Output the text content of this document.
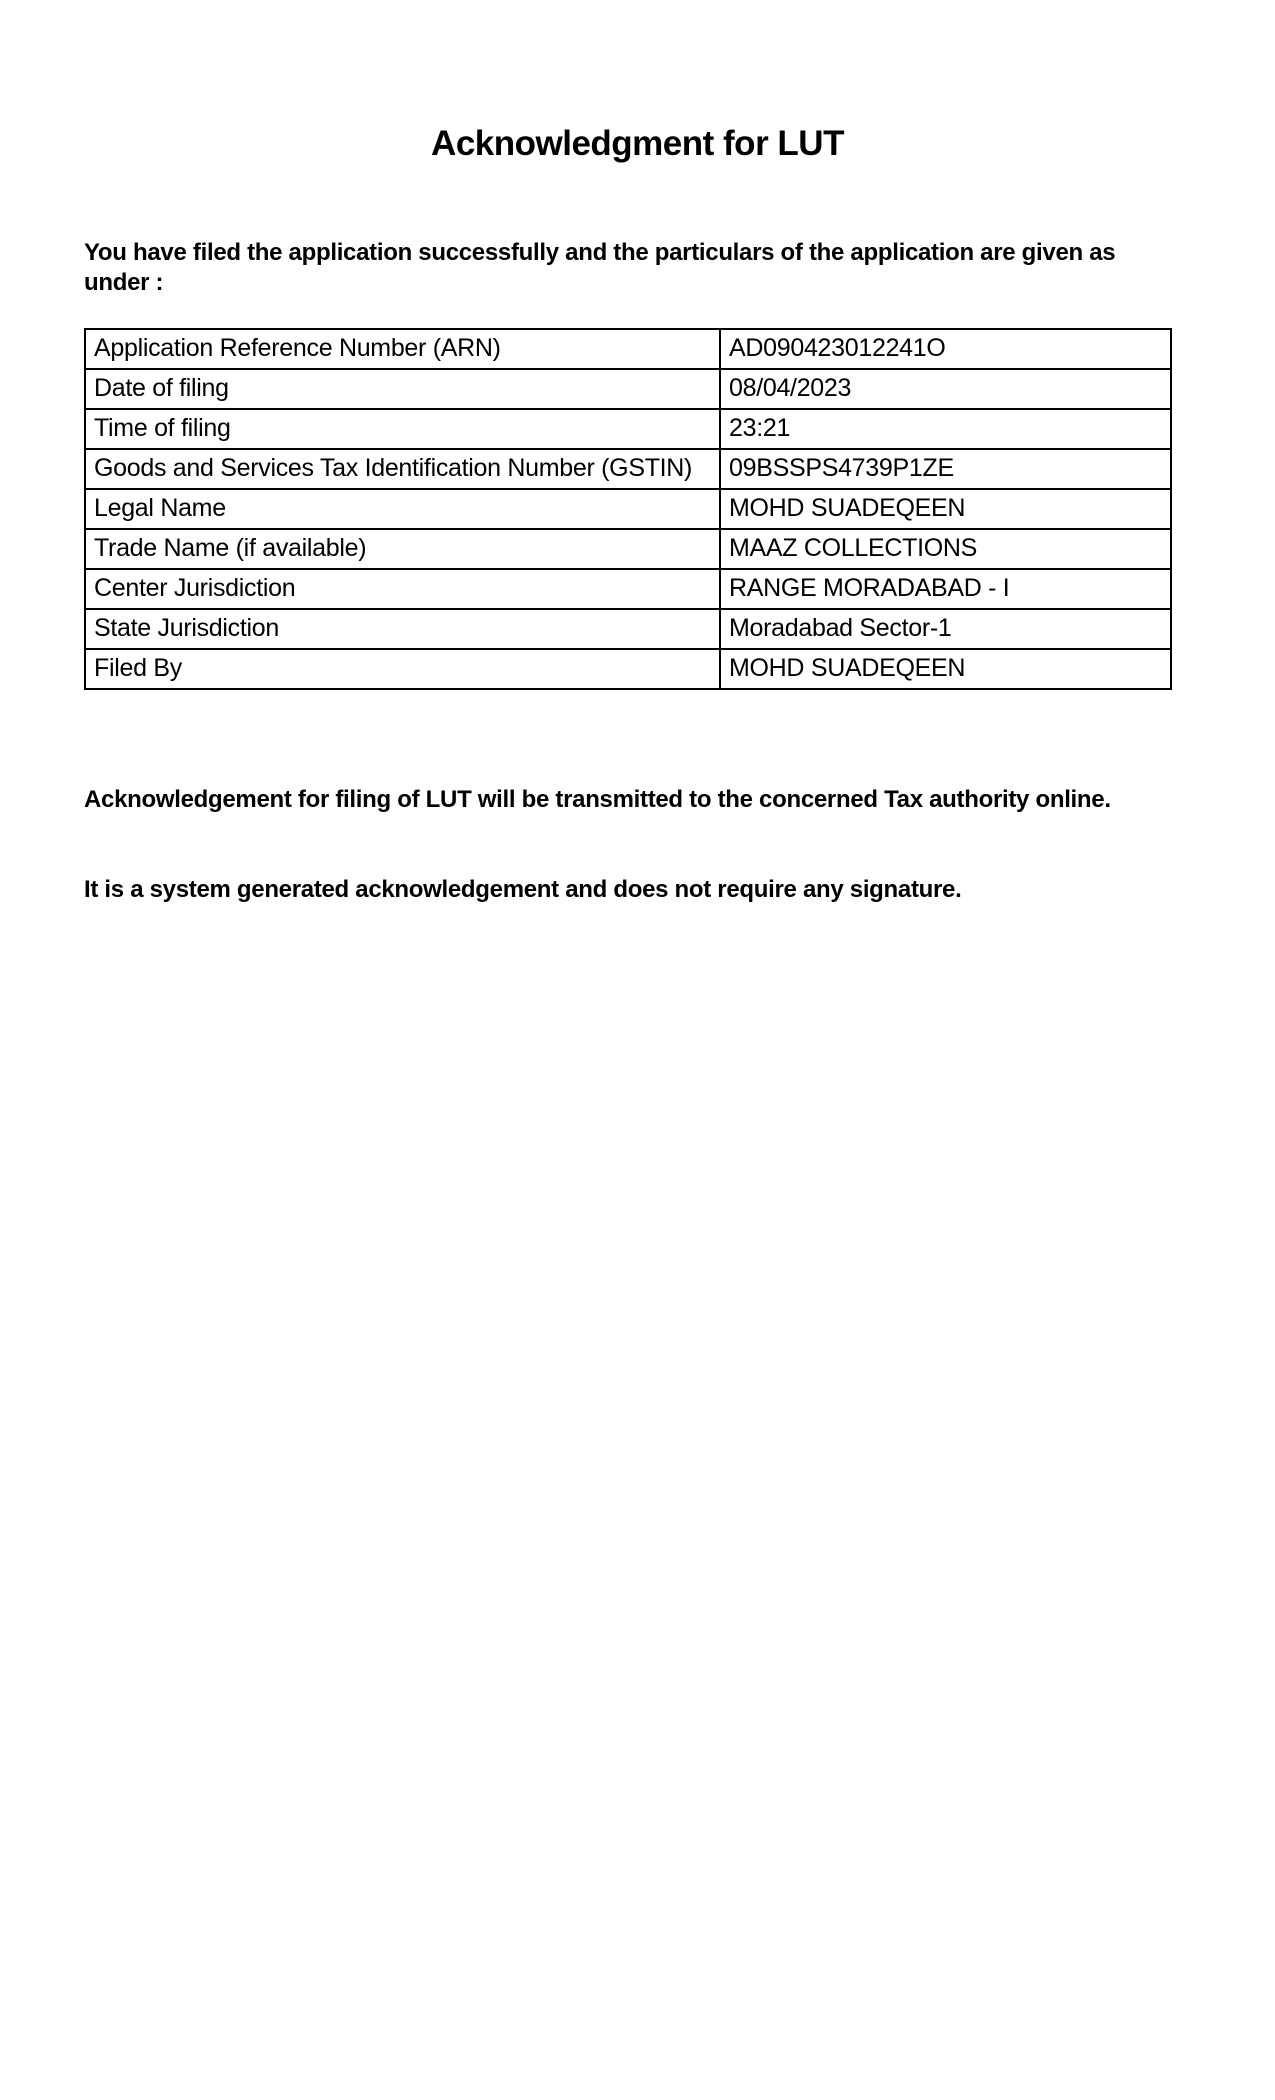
Acknowledgment for LUT

You have filed the application successfully and the particulars of the application are given as under :

Application Reference Number (ARN)	AD090423012241O
Date of filing	08/04/2023
Time of filing	23:21
Goods and Services Tax Identification Number (GSTIN)	09BSSPS4739P1ZE
Legal Name	MOHD SUADEQEEN
Trade Name (if available)	MAAZ COLLECTIONS
Center Jurisdiction	RANGE MORADABAD - I
State Jurisdiction	Moradabad Sector-1
Filed By	MOHD SUADEQEEN

Acknowledgement for filing of LUT will be transmitted to the concerned Tax authority online.

It is a system generated acknowledgement and does not require any signature.
